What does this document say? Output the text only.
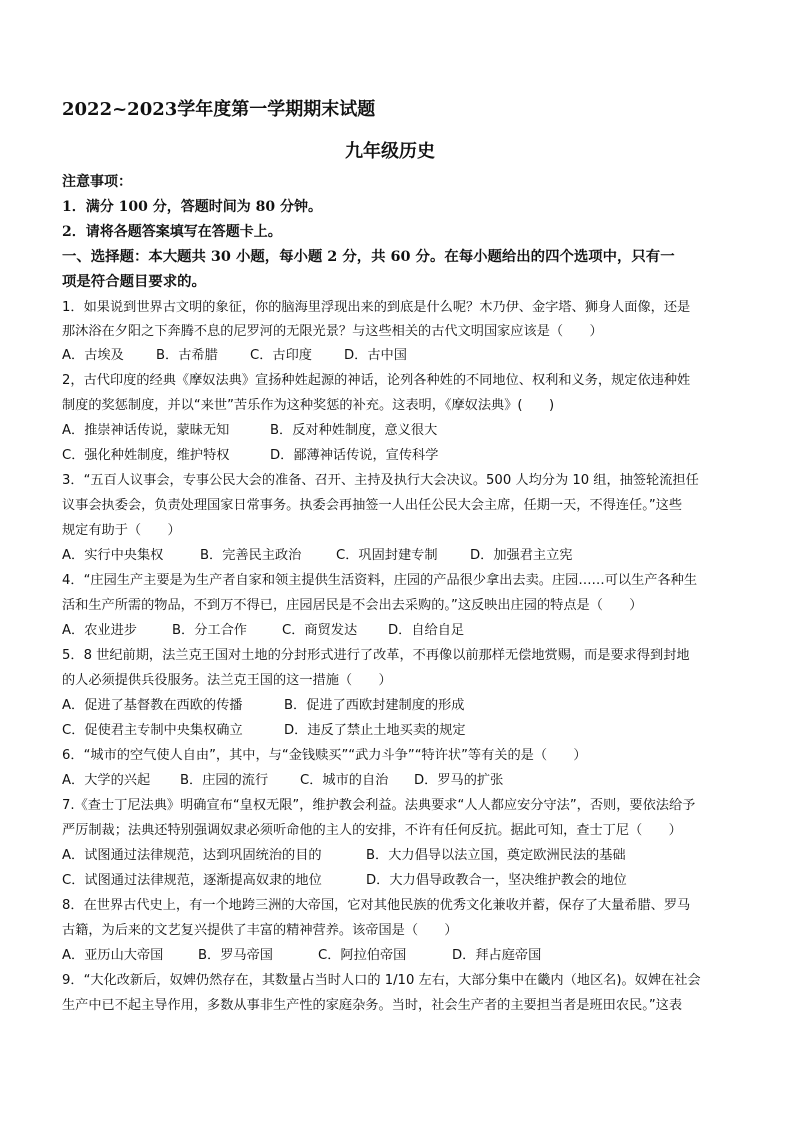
2022~2023学年度第一学期期末试题
九年级历史
注意事项：
1．满分 100 分，答题时间为 80 分钟。
2．请将各题答案填写在答题卡上。
一、选择题：本大题共 30 小题，每小题 2 分，共 60 分。在每小题给出的四个选项中，只有一
项是符合题目要求的。
1．如果说到世界古文明的象征，你的脑海里浮现出来的到底是什么呢？木乃伊、金字塔、狮身人面像，还是
那沐浴在夕阳之下奔腾不息的尼罗河的无限光景？与这些相关的古代文明国家应该是（　　）
A．古埃及 B．古希腊 C．古印度 D．古中国
2，古代印度的经典《摩奴法典》宣扬种姓起源的神话，论列各种姓的不同地位、权利和义务，规定依违种姓
制度的奖惩制度，并以“来世”苦乐作为这种奖惩的补充。这表明，《摩奴法典》(　　)
A．推崇神话传说，蒙昧无知	B．反对种姓制度，意义很大
C．强化种姓制度，维护特权	D．鄙薄神话传说，宣传科学
3．“五百人议事会，专事公民大会的准备、召开、主持及执行大会决议。500 人均分为 10 组，抽签轮流担任
议事会执委会，负责处理国家日常事务。执委会再抽签一人出任公民大会主席，任期一天，不得连任。”这些
规定有助于（　　）
A．实行中央集权	B．完善民主政治	C．巩固封建专制 D．加强君主立宪
4．“庄园生产主要是为生产者自家和领主提供生活资料，庄园的产品很少拿出去卖。庄园……可以生产各种生
活和生产所需的物品，不到万不得已，庄园居民是不会出去采购的。”这反映出庄园的特点是（　　）
A．农业进步	B．分工合作	C．商贸发达 D．自给自足
5．8 世纪前期，法兰克王国对土地的分封形式进行了改革，不再像以前那样无偿地赏赐，而是要求得到封地
的人必须提供兵役服务。法兰克王国的这一措施（　　）
A．促进了基督教在西欧的传播	B．促进了西欧封建制度的形成
C．促使君主专制中央集权确立	D．违反了禁止土地买卖的规定
6．“城市的空气使人自由”，其中，与“金钱赎买”“武力斗争”“特许状”等有关的是（　　）
A．大学的兴起 B．庄园的流行 C．城市的自治 D．罗马的扩张
7.《查士丁尼法典》明确宣布“皇权无限”，维护教会利益。法典要求“人人都应安分守法”，否则，要依法给予
严厉制裁；法典还特别强调奴隶必须听命他的主人的安排，不许有任何反抗。据此可知，查士丁尼（　　）
A．试图通过法律规范，达到巩固统治的目的	B．大力倡导以法立国，奠定欧洲民法的基础
C．试图通过法律规范，逐渐提高奴隶的地位	D．大力倡导政教合一，坚决维护教会的地位
8．在世界古代史上，有一个地跨三洲的大帝国，它对其他民族的优秀文化兼收并蓄，保存了大量希腊、罗马
古籍，为后来的文艺复兴提供了丰富的精神营养。该帝国是（　　）
A．亚历山大帝国	B．罗马帝国	C．阿拉伯帝国	D．拜占庭帝国
9．“大化改新后，奴婢仍然存在，其数量占当时人口的 1/10 左右，大部分集中在畿内（地区名)。奴婢在社会
生产中已不起主导作用，多数从事非生产性的家庭杂务。当时，社会生产者的主要担当者是班田农民。”这表
